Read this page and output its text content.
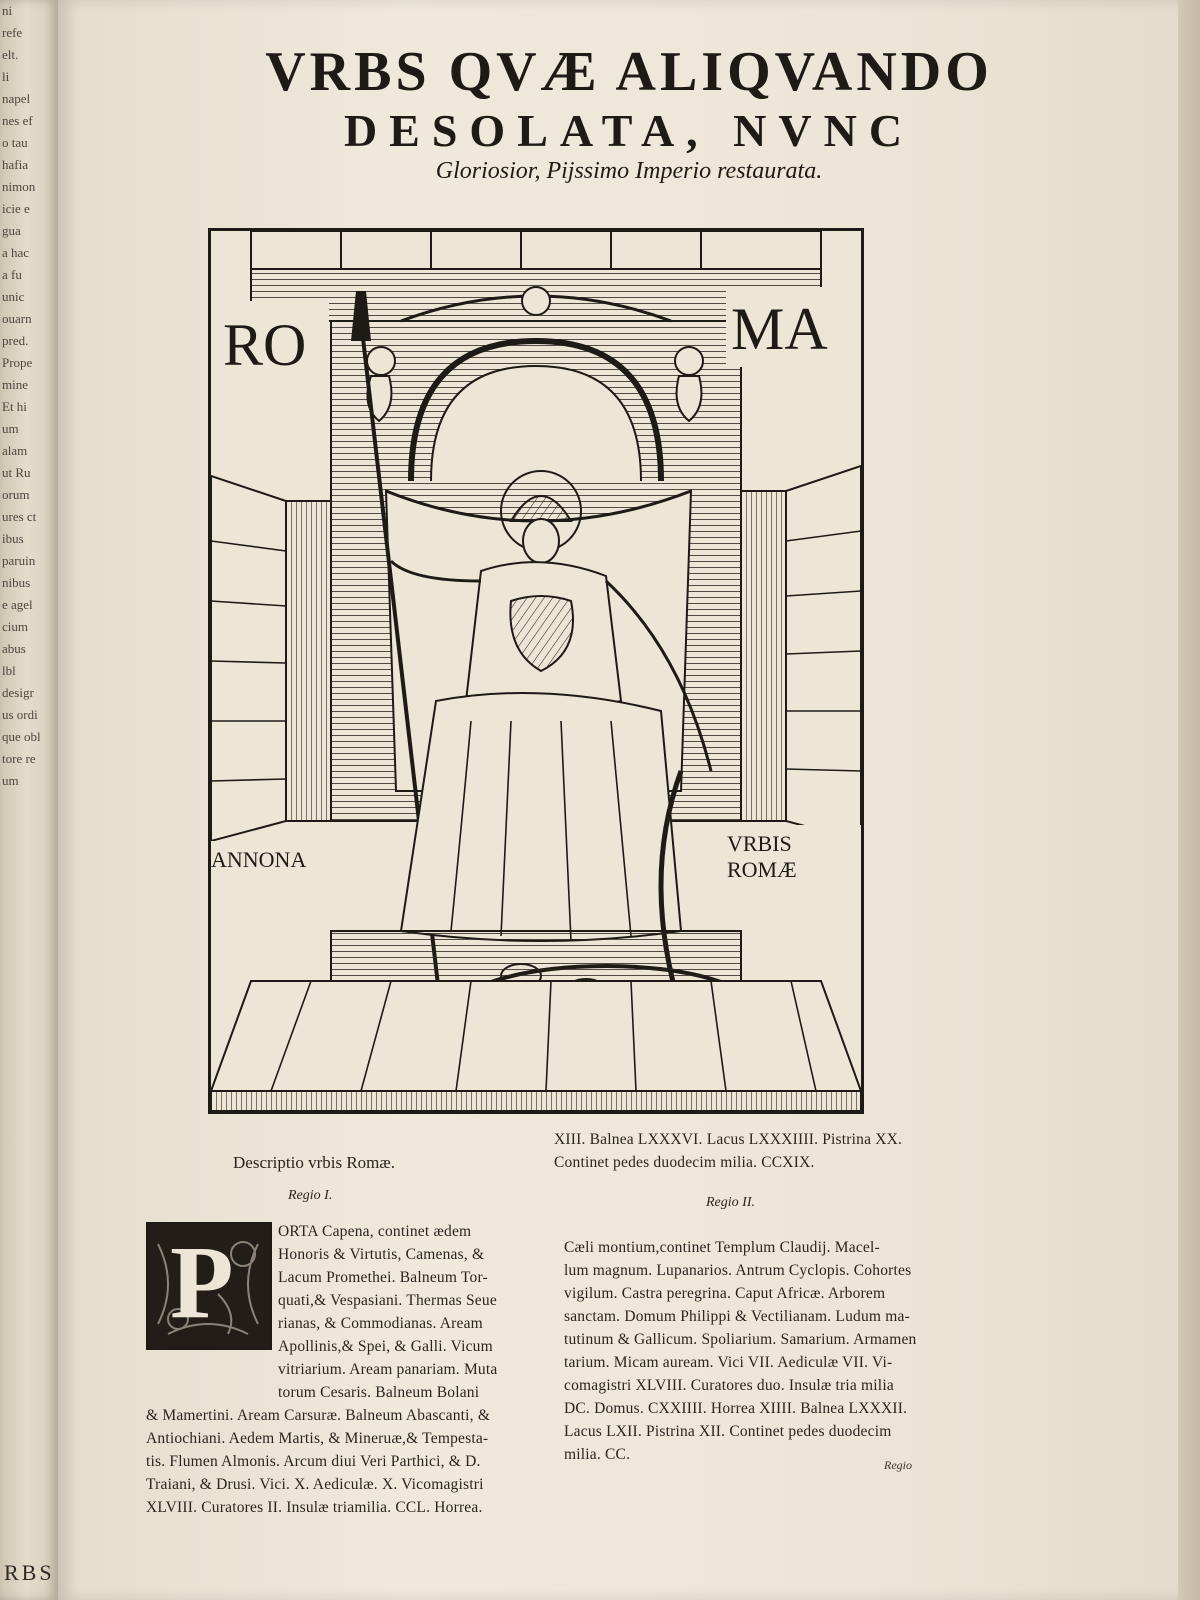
ni
refe
elt.
li
napel
nes ef
o tau
hafia
nimon
icie e
gua
a hac
a fu
unic
ouarn
pred.
Prope
mine
Et hi
um
alam
ut Ru
orum
ures ct
ibus
paruin
nibus
e agel
cium
abus
lbl
desigr
us ordi
que obl
tore re
um
RBS
VRBS QVÆ ALIQVANDO
DESOLATA, NVNC
Gloriosior, Pijssimo Imperio restaurata.
RO	MA
ANNONA
VRBIS
ROMÆ
Descriptio vrbis Romæ.
XIII. Balnea LXXXVI. Lacus LXXXIIII. Pistrina XX.
Continet pedes duodecim milia. CCXIX.
Regio I.	Regio II.
P	ORTA Capena, continet ædem
Honoris & Virtutis, Camenas, &
Lacum Promethei. Balneum Tor-
quati,& Vespasiani. Thermas Seue
rianas, & Commodianas. Aream
Apollinis,& Spei, & Galli. Vicum
vitriarium. Aream panariam. Muta
torum Cesaris. Balneum Bolani
& Mamertini. Aream Carsuræ. Balneum Abascanti, &
Antiochiani. Aedem Martis, & Mineruæ,& Tempesta-
tis. Flumen Almonis. Arcum diui Veri Parthici, & D.
Traiani, & Drusi. Vici. X. Aediculæ. X. Vicomagistri
XLVIII. Curatores II. Insulæ triamilia. CCL. Horrea.
Cæli montium,continet Templum Claudij. Macel-
lum magnum. Lupanarios. Antrum Cyclopis. Cohortes
vigilum. Castra peregrina. Caput Africæ. Arborem
sanctam. Domum Philippi & Vectilianam. Ludum ma-
tutinum & Gallicum. Spoliarium. Samarium. Armamen
tarium. Micam auream. Vici VII. Aediculæ VII. Vi-
comagistri XLVIII. Curatores duo. Insulæ tria milia
DC. Domus. CXXIIII. Horrea XIIII. Balnea LXXXII.
Lacus LXII. Pistrina XII. Continet pedes duodecim
milia. CC.
Regio
